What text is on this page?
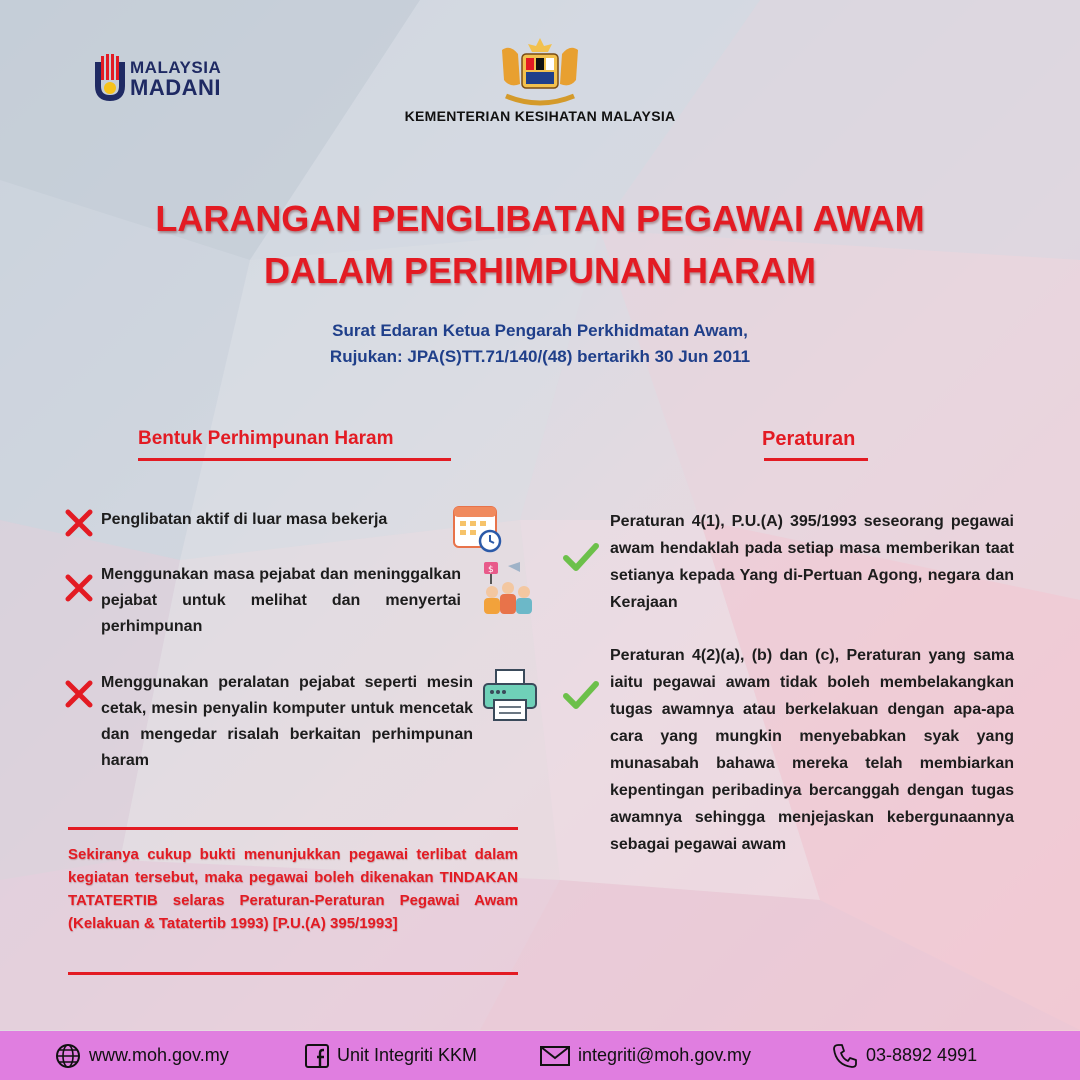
MALAYSIA
MADANI
KEMENTERIAN KESIHATAN MALAYSIA
LARANGAN PENGLIBATAN PEGAWAI AWAM
DALAM PERHIMPUNAN HARAM
Surat Edaran Ketua Pengarah Perkhidmatan Awam,
Rujukan: JPA(S)TT.71/140/(48) bertarikh 30 Jun 2011
Bentuk Perhimpunan Haram	Peraturan
Penglibatan aktif di luar masa bekerja
Menggunakan masa pejabat dan meninggalkan pejabat untuk melihat dan menyertai perhimpunan
$
Menggunakan peralatan pejabat seperti mesin cetak, mesin penyalin komputer untuk mencetak dan mengedar risalah berkaitan perhimpunan haram
Sekiranya cukup bukti menunjukkan pegawai terlibat dalam kegiatan tersebut, maka pegawai boleh dikenakan TINDAKAN TATATERTIB selaras Peraturan-Peraturan Pegawai Awam (Kelakuan & Tatatertib 1993) [P.U.(A) 395/1993]
Peraturan 4(1), P.U.(A) 395/1993 seseorang pegawai awam hendaklah pada setiap masa memberikan taat setianya kepada Yang di-Pertuan Agong, negara dan Kerajaan
Peraturan 4(2)(a), (b) dan (c), Peraturan yang sama iaitu pegawai awam tidak boleh membelakangkan tugas awamnya atau berkelakuan dengan apa-apa cara yang mungkin menyebabkan syak yang munasabah bahawa mereka telah membiarkan kepentingan peribadinya bercanggah dengan tugas awamnya sehingga menjejaskan kebergunaannya sebagai pegawai awam
www.moh.gov.my	Unit Integriti KKM	integriti@moh.gov.my	03-8892 4991
